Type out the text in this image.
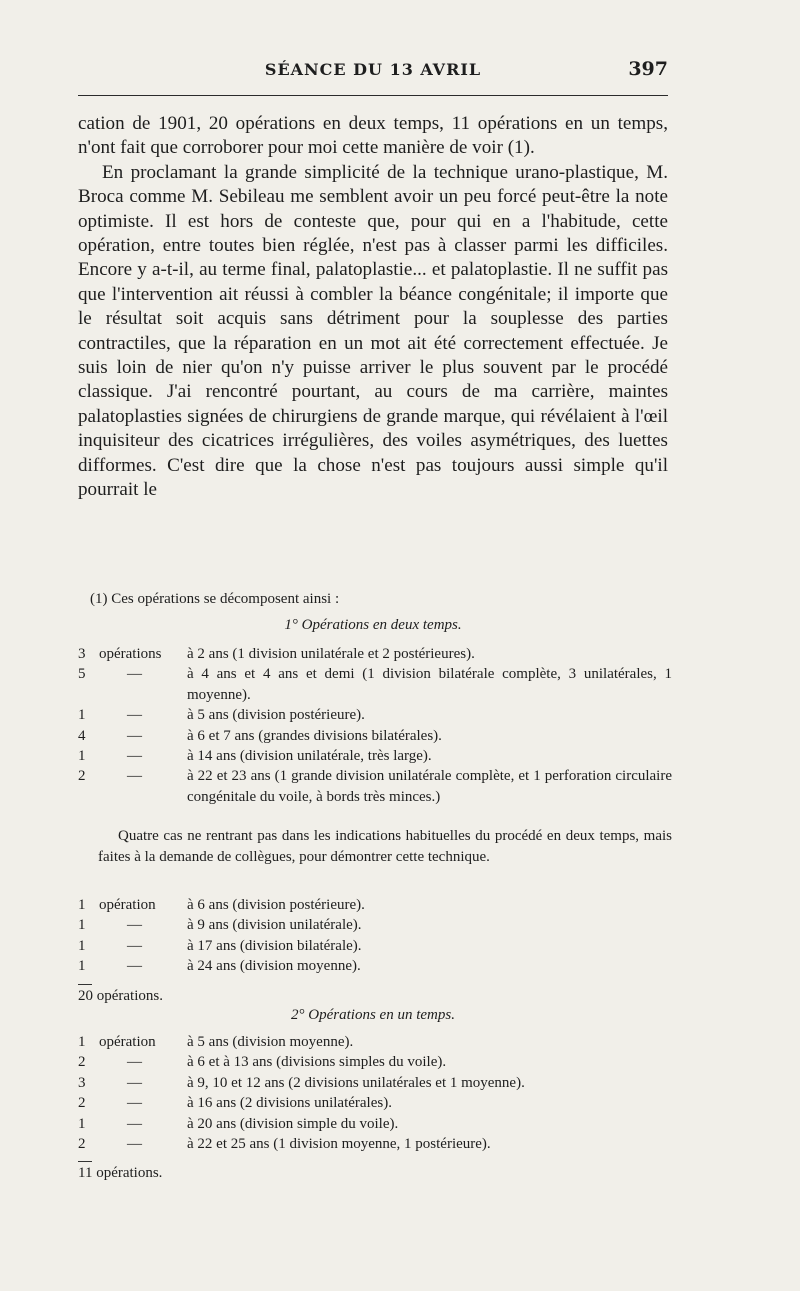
SÉANCE DU 13 AVRIL	397

cation de 1901, 20 opérations en deux temps, 11 opérations en un temps, n'ont fait que corroborer pour moi cette manière de voir (1).

En proclamant la grande simplicité de la technique urano-plastique, M. Broca comme M. Sebileau me semblent avoir un peu forcé peut-être la note optimiste. Il est hors de conteste que, pour qui en a l'habitude, cette opération, entre toutes bien réglée, n'est pas à classer parmi les difficiles. Encore y a-t-il, au terme final, palatoplastie... et palatoplastie. Il ne suffit pas que l'intervention ait réussi à combler la béance congénitale; il importe que le résultat soit acquis sans détriment pour la souplesse des parties contractiles, que la réparation en un mot ait été correctement effectuée. Je suis loin de nier qu'on n'y puisse arriver le plus souvent par le procédé classique. J'ai rencontré pourtant, au cours de ma carrière, maintes palatoplasties signées de chirurgiens de grande marque, qui révélaient à l'œil inquisiteur des cicatrices irrégulières, des voiles asymétriques, des luettes difformes. C'est dire que la chose n'est pas toujours aussi simple qu'il pourrait le

(1) Ces opérations se décomposent ainsi :
1° Opérations en deux temps.
3 opérations	à 2 ans (1 division unilatérale et 2 postérieures).
5	—	à 4 ans et 4 ans et demi (1 division bilatérale complète, 3 unilatérales, 1 moyenne).
1	—	à 5 ans (division postérieure).
4	—	à 6 et 7 ans (grandes divisions bilatérales).
1	—	à 14 ans (division unilatérale, très large).
2	—	à 22 et 23 ans (1 grande division unilatérale complète, et 1 perforation circulaire congénitale du voile, à bords très minces.)
Quatre cas ne rentrant pas dans les indications habituelles du procédé en deux temps, mais faites à la demande de collègues, pour démontrer cette technique.
1 opération	à 6 ans (division postérieure).
1	—	à 9 ans (division unilatérale).
1	—	à 17 ans (division bilatérale).
1	—	à 24 ans (division moyenne).
20 opérations.
2° Opérations en un temps.
1 opération	à 5 ans (division moyenne).
2	—	à 6 et à 13 ans (divisions simples du voile).
3	—	à 9, 10 et 12 ans (2 divisions unilatérales et 1 moyenne).
2	—	à 16 ans (2 divisions unilatérales).
1	—	à 20 ans (division simple du voile).
2	—	à 22 et 25 ans (1 division moyenne, 1 postérieure).
11 opérations.
